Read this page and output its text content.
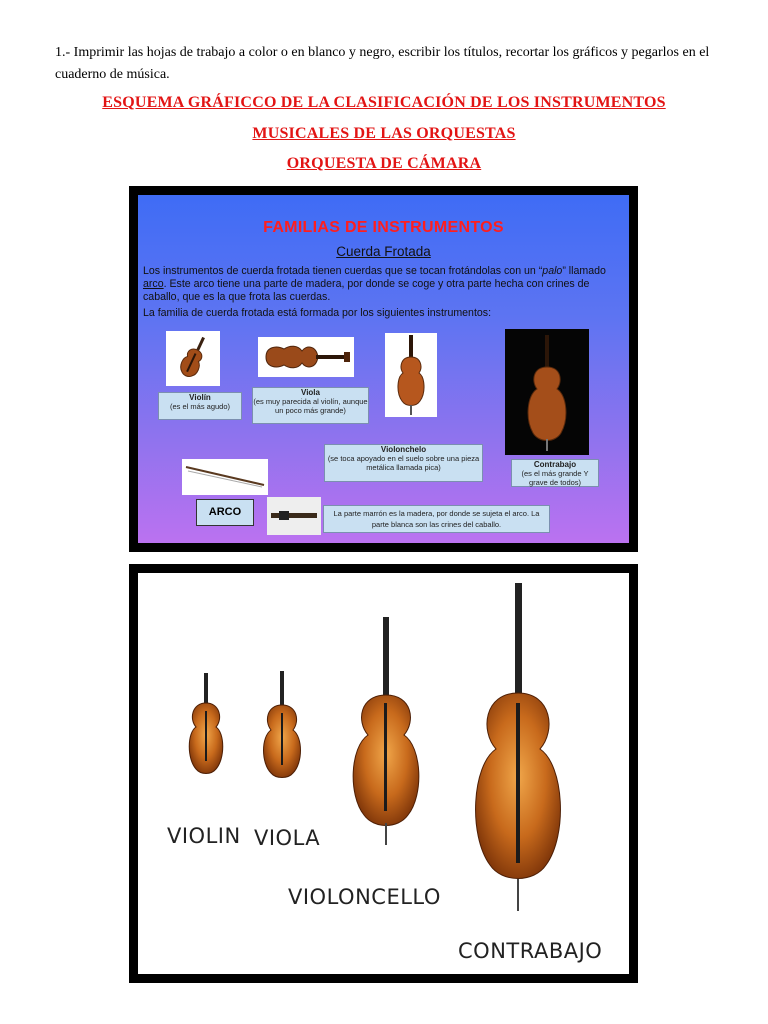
1.- Imprimir las hojas de trabajo a color o en blanco y negro, escribir los títulos, recortar los gráficos y pegarlos en el cuaderno de música.
ESQUEMA GRÁFICCO DE LA CLASIFICACIÓN DE LOS INSTRUMENTOS
MUSICALES DE LAS ORQUESTAS
ORQUESTA DE CÁMARA
FAMILIAS DE INSTRUMENTOS
Cuerda Frotada

Los instrumentos de cuerda frotada tienen cuerdas que se tocan frotándolas con un “palo” llamado arco. Este arco tiene una parte de madera, por donde se coge y otra parte hecha con crines de caballo, que es la que frota las cuerdas.

La familia de cuerda frotada está formada por los siguientes instrumentos:

Violín
(es el más agudo)
Viola
(es muy parecida al violín, aunque un poco más grande)
Violonchelo
(se toca apoyado en el suelo sobre una pieza metálica llamada pica)	Contrabajo
(es el más grande Y grave de todos)
ARCO	La parte marrón es la madera, por donde se sujeta el arco. La parte blanca son las crines del caballo.
VIOLIN VIOLA
VIOLONCELLO
CONTRABAJO
